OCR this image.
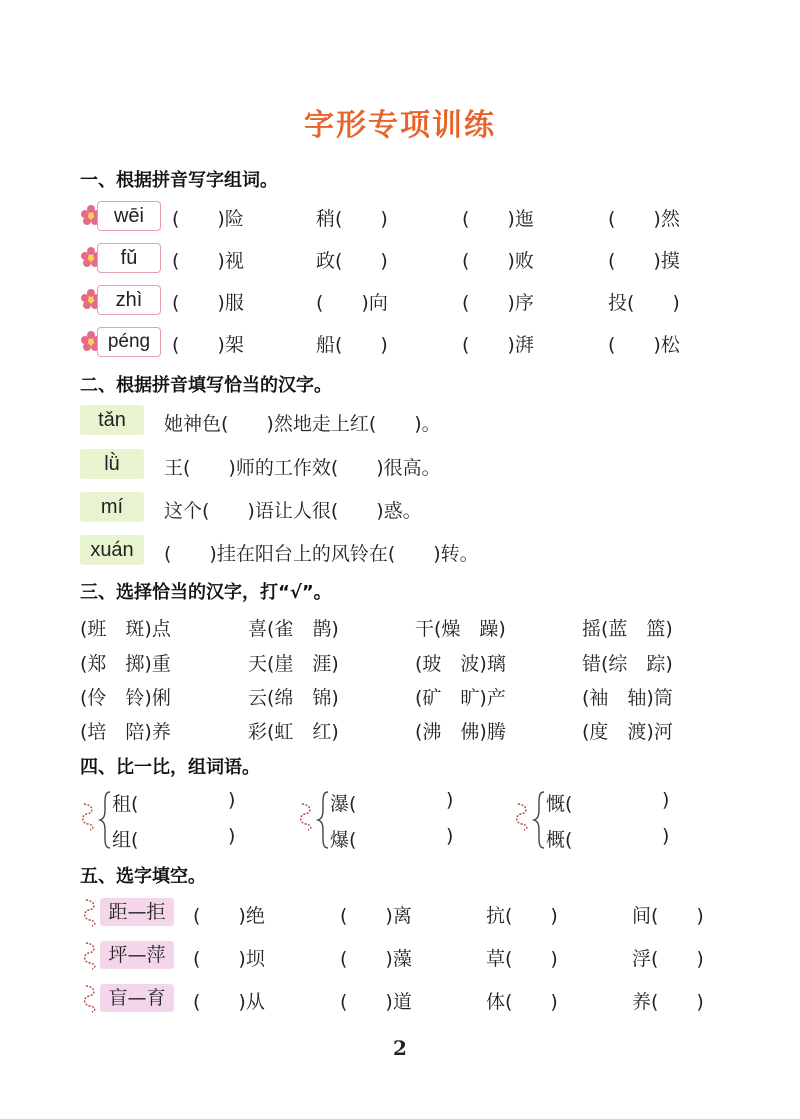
字形专项训练
一、根据拼音写字组词。
wēi	(　　)险	稍(　　)	(　　)迤	(　　)然
fǔ	(　　)视	政(　　)	(　　)败	(　　)摸
zhì	(　　)服	(　　)向	(　　)序	投(　　)
péng	(　　)架	船(　　)	(　　)湃	(　　)松
二、根据拼音填写恰当的汉字。
tǎn	她神色(　　)然地走上红(　　)。
lǜ	王(　　)师的工作效(　　)很高。
mí	这个(　　)语让人很(　　)惑。
xuán	(　　)挂在阳台上的风铃在(　　)转。
三、选择恰当的汉字，打“√”。
(班　斑)点	喜(雀　鹊)	干(燥　躁)	摇(蓝　篮)
(郑　掷)重	天(崖　涯)	(玻　波)璃	错(综　踪)
(伶　铃)俐	云(绵　锦)	(矿　旷)产	(袖　轴)筒
(培　陪)养	彩(虹　红)	(沸　佛)腾	(度　渡)河
四、比一比，组词语。
租(	)
组(	)
瀑(	)
爆(	)
慨(	)
概(	)
五、选字填空。
距—拒	(　　)绝	(　　)离	抗(　　)	间(　　)
坪—萍	(　　)坝	(　　)藻	草(　　)	浮(　　)
盲—育	(　　)从	(　　)道	体(　　)	养(　　)
2
